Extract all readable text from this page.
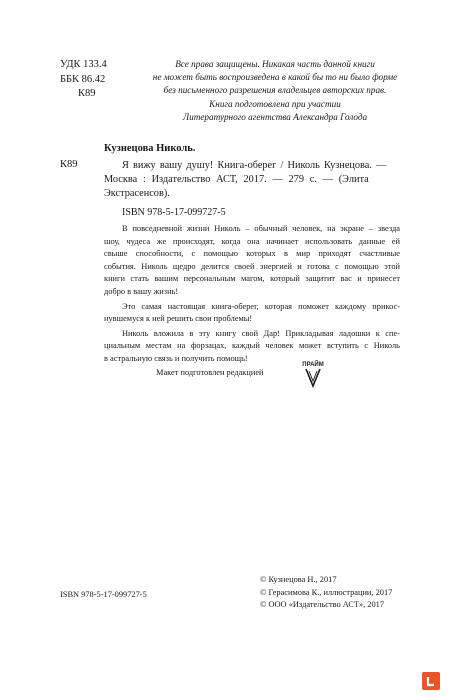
УДК 133.4
ББК 86.42
К89
Все права защищены. Никакая часть данной книги
не может быть воспроизведена в какой бы то ни было форме
без письменного разрешения владельцев авторских прав.
Книга подготовлена при участии
Литературного агентства Александра Голода
Кузнецова Николь.
К89	Я вижу вашу душу! Книга-оберег / Николь Кузнецова. —
Москва : Издательство АСТ, 2017. — 279 с. — (Элита
Экстрасенсов).
ISBN 978-5-17-099727-5
В повседневной жизни Николь – обычный человек, на экране – звезда
шоу, чудеса же происходят, когда она начинает использовать данные ей
свыше способности, с помощью которых в мир приходят счастливые
события. Николь щедро делится своей энергией и готова с помощью этой
книги стать вашим персональным магом, который защитит вас и принесет
добро в вашу жизнь!
Это самая настоящая книга-оберег, которая поможет каждому прикос-
нувшемуся к ней решить свои проблемы!
Николь вложила в эту книгу свой Дар! Прикладывая ладошки к спе-
циальным местам на форзацах, каждый человек может вступить с Николь
в астральную связь и получить помощь!
Макет подготовлен редакцией
ПРАЙМ
ISBN 978-5-17-099727-5
© Кузнецова Н., 2017
© Герасимова К., иллюстрации, 2017
© ООО «Издательство АСТ», 2017
